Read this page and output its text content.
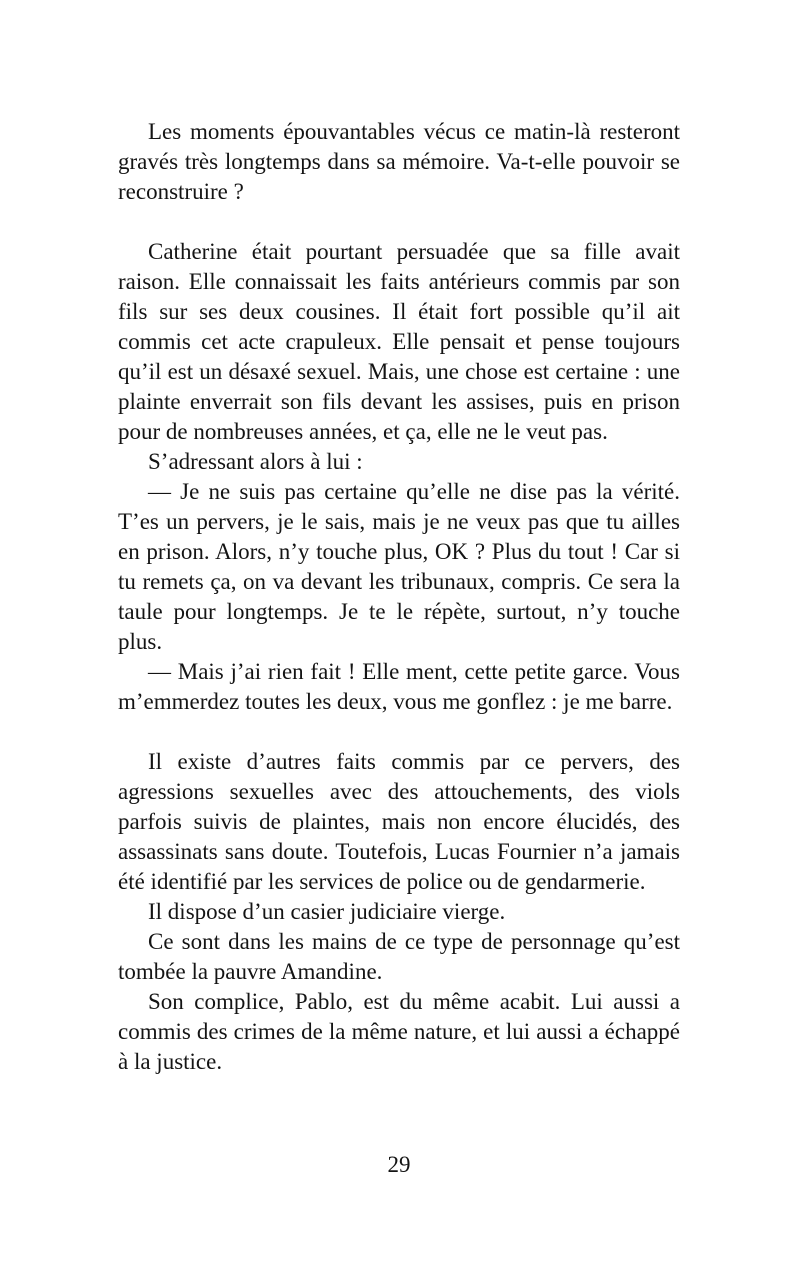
Les moments épouvantables vécus ce matin-là resteront gravés très longtemps dans sa mémoire. Va-t-elle pouvoir se reconstruire ?

Catherine était pourtant persuadée que sa fille avait raison. Elle connaissait les faits antérieurs commis par son fils sur ses deux cousines. Il était fort possible qu’il ait commis cet acte crapuleux. Elle pensait et pense toujours qu’il est un désaxé sexuel. Mais, une chose est certaine : une plainte enverrait son fils devant les assises, puis en prison pour de nombreuses années, et ça, elle ne le veut pas.

S’adressant alors à lui :

— Je ne suis pas certaine qu’elle ne dise pas la vérité. T’es un pervers, je le sais, mais je ne veux pas que tu ailles en prison. Alors, n’y touche plus, OK ? Plus du tout ! Car si tu remets ça, on va devant les tribunaux, compris. Ce sera la taule pour longtemps. Je te le répète, surtout, n’y touche plus.

— Mais j’ai rien fait ! Elle ment, cette petite garce. Vous m’emmerdez toutes les deux, vous me gonflez : je me barre.

Il existe d’autres faits commis par ce pervers, des agressions sexuelles avec des attouchements, des viols parfois suivis de plaintes, mais non encore élucidés, des assassinats sans doute. Toutefois, Lucas Fournier n’a jamais été identifié par les services de police ou de gendarmerie.

Il dispose d’un casier judiciaire vierge.

Ce sont dans les mains de ce type de personnage qu’est tombée la pauvre Amandine.

Son complice, Pablo, est du même acabit. Lui aussi a commis des crimes de la même nature, et lui aussi a échappé à la justice.

29
